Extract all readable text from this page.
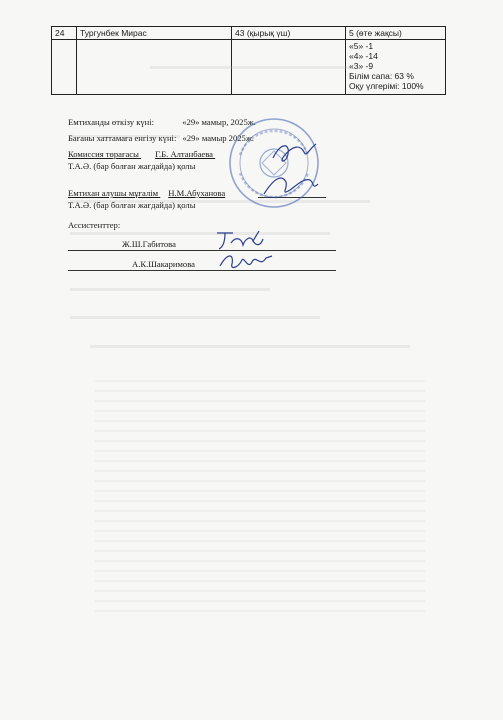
24	Тургунбек Мирас	43 (қырық үш)	5 (өте жақсы)

			«5» -1
«4» -14
«3» -9
Білім сапа: 63 %
Оқу үлгерімі: 100%
Емтиханды өткізу күні:	«29» мамыр, 2025ж.
Бағаны хаттамаға енгізу күні: «29» мамыр 2025ж.
Комиссия төрағасы Г.Б. Алтанбаева
Т.А.Ә. (бар болған жағдайда) қолы
Емтихан алушы мұғалім Н.М.Абуханова
Т.А.Ә. (бар болған жағдайда) қолы
Ассистенттер:
Ж.Ш.Габитова
А.К.Шакаримова
